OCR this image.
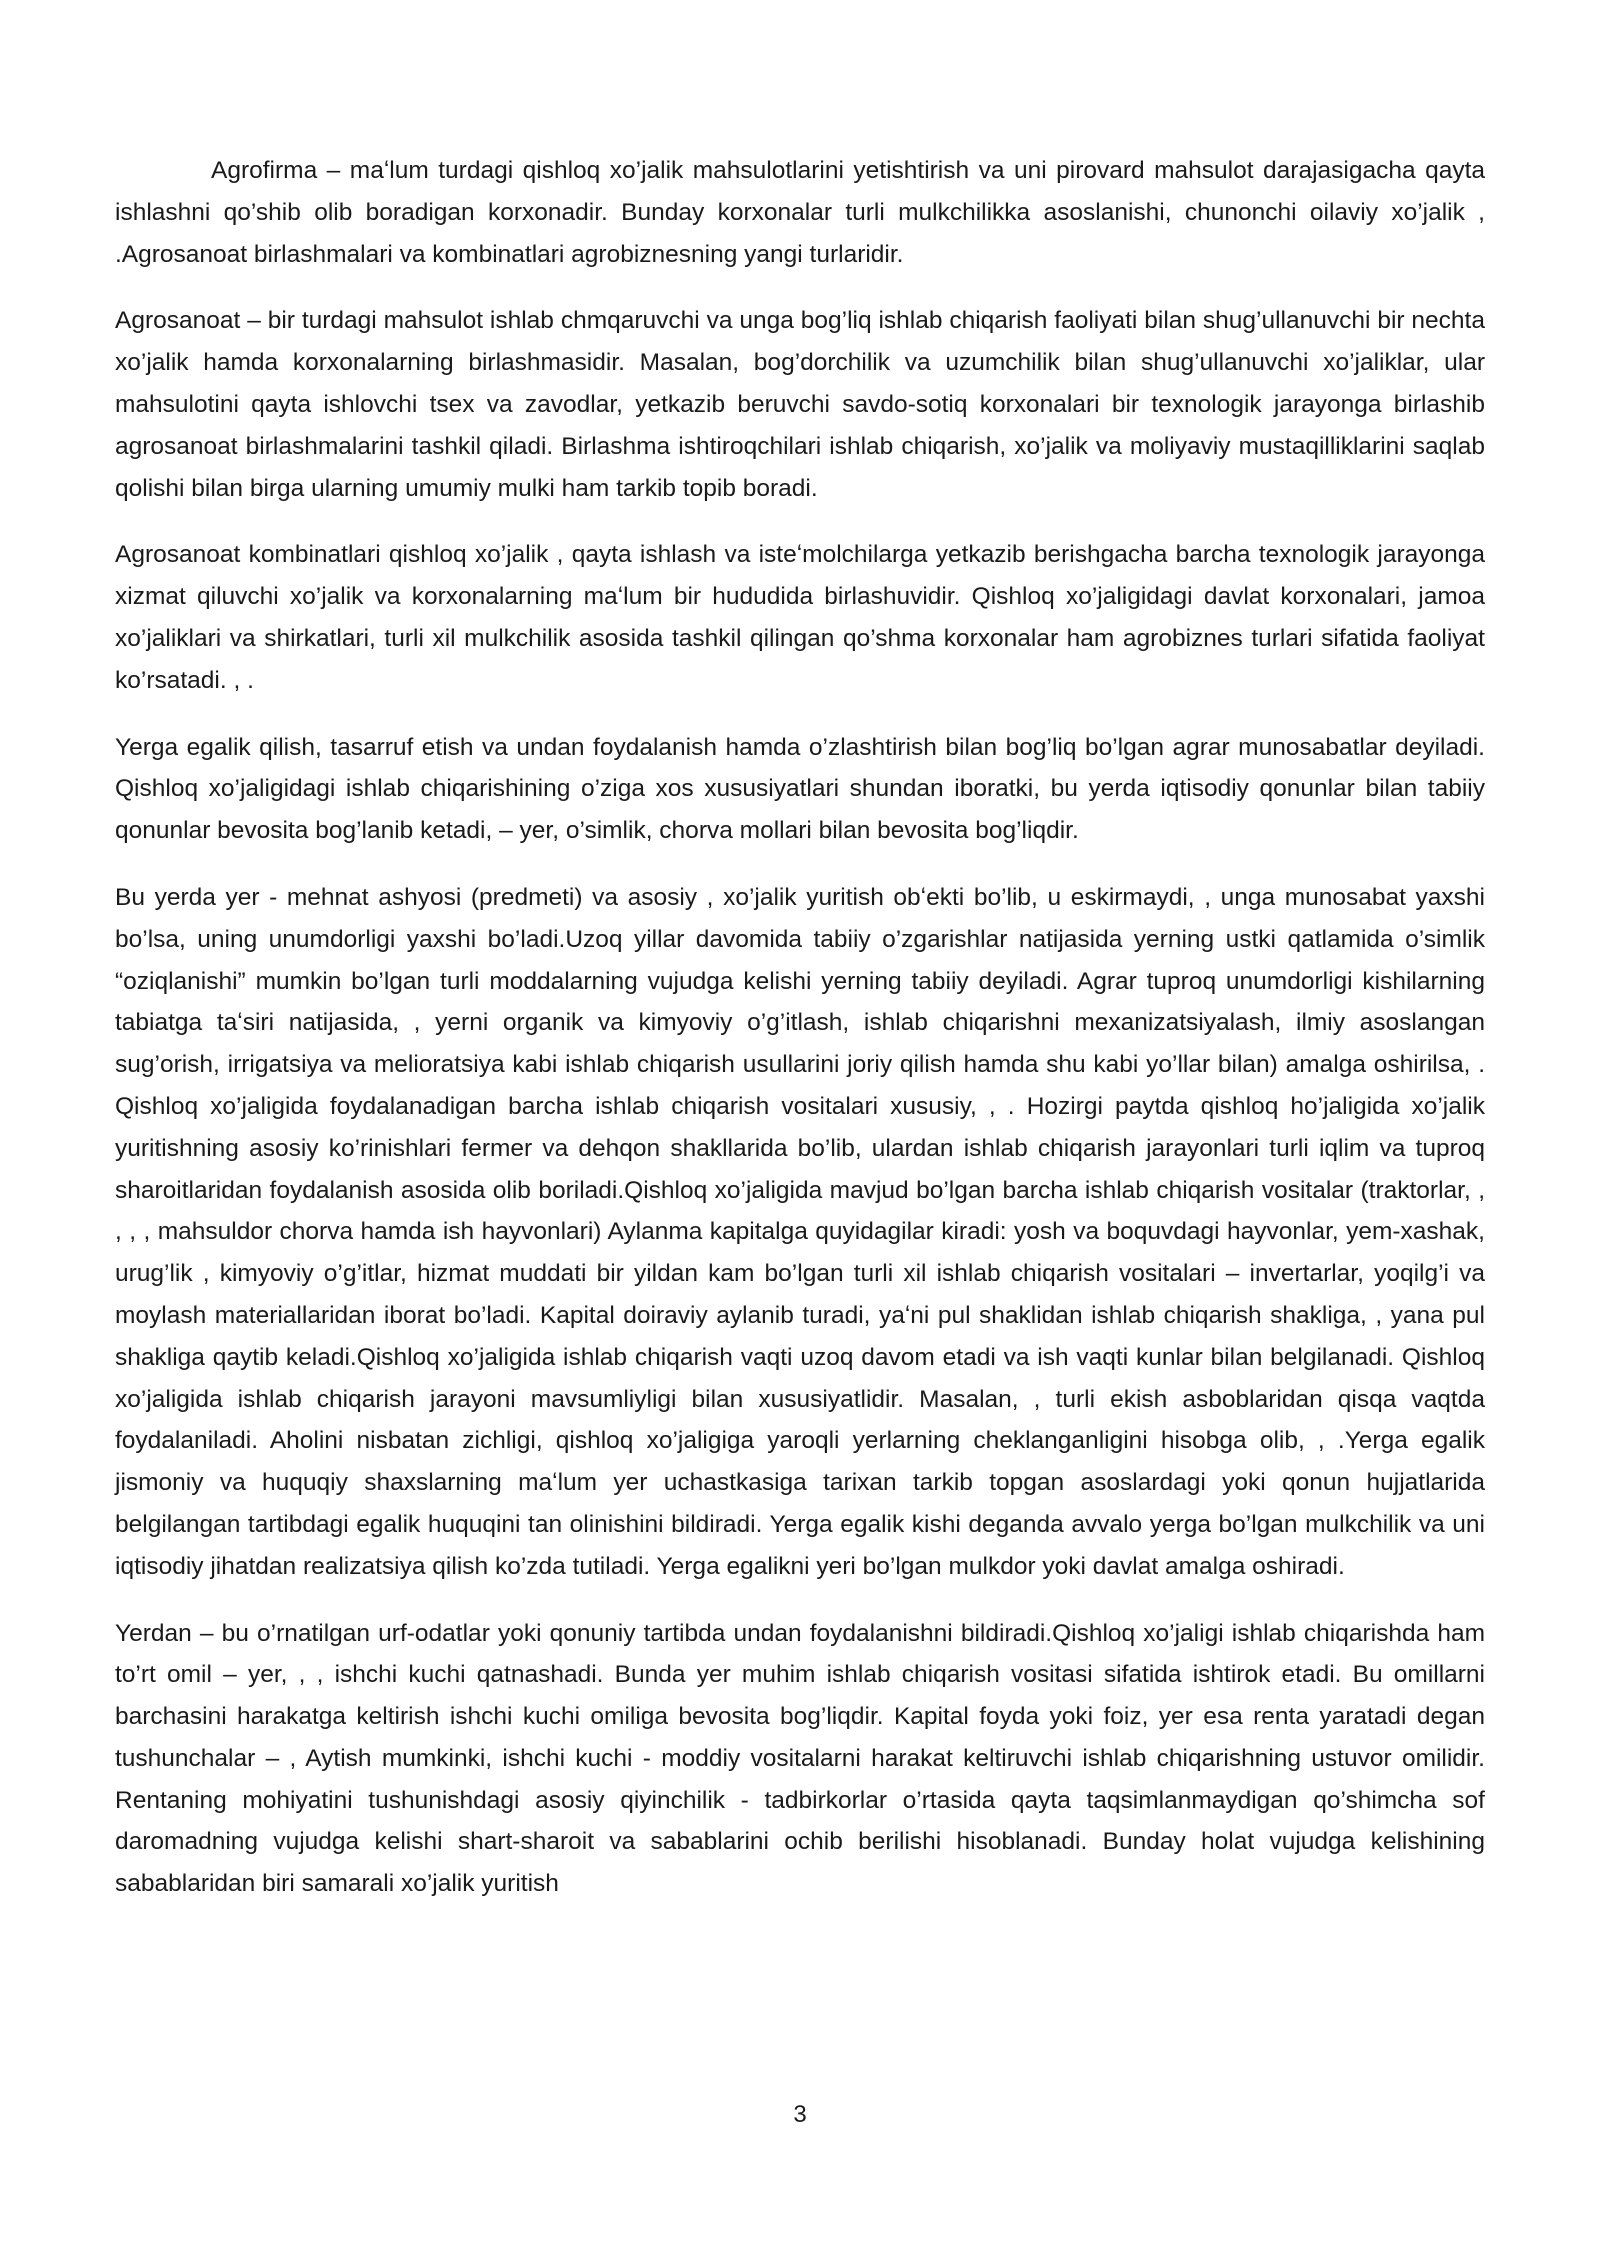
Agrofirma – maʻlum turdagi qishloq xo’jalik mahsulotlarini yetishtirish va uni pirovard mahsulot darajasigacha qayta ishlashni qo’shib olib boradigan korxonadir. Bunday korxonalar turli mulkchilikka asoslanishi, chunonchi oilaviy xo’jalik , .Agrosanoat birlashmalari va kombinatlari agrobiznesning yangi turlaridir.

Agrosanoat – bir turdagi mahsulot ishlab chmqaruvchi va unga bog’liq ishlab chiqarish faoliyati bilan shug’ullanuvchi bir nechta xo’jalik hamda korxonalarning birlashmasidir. Masalan, bog’dorchilik va uzumchilik bilan shug’ullanuvchi xo’jaliklar, ular mahsulotini qayta ishlovchi tsex va zavodlar, yetkazib beruvchi savdo-sotiq korxonalari bir texnologik jarayonga birlashib agrosanoat birlashmalarini tashkil qiladi. Birlashma ishtiroqchilari ishlab chiqarish, xo’jalik va moliyaviy mustaqilliklarini saqlab qolishi bilan birga ularning umumiy mulki ham tarkib topib boradi.

Agrosanoat kombinatlari qishloq xo’jalik , qayta ishlash va isteʻmolchilarga yetkazib berishgacha barcha texnologik jarayonga xizmat qiluvchi xo’jalik va korxonalarning maʻlum bir hududida birlashuvidir. Qishloq xo’jaligidagi davlat korxonalari, jamoa xo’jaliklari va shirkatlari, turli xil mulkchilik asosida tashkil qilingan qo’shma korxonalar ham agrobiznes turlari sifatida faoliyat ko’rsatadi. , .

Yerga egalik qilish, tasarruf etish va undan foydalanish hamda o’zlashtirish bilan bog’liq bo’lgan agrar munosabatlar deyiladi. Qishloq xo’jaligidagi ishlab chiqarishining o’ziga xos xususiyatlari shundan iboratki, bu yerda iqtisodiy qonunlar bilan tabiiy qonunlar bevosita bog’lanib ketadi, – yer, o’simlik, chorva mollari bilan bevosita bog’liqdir.

Bu yerda yer - mehnat ashyosi (predmeti) va asosiy , xo’jalik yuritish obʻekti bo’lib, u eskirmaydi, , unga munosabat yaxshi bo’lsa, uning unumdorligi yaxshi bo’ladi.Uzoq yillar davomida tabiiy o’zgarishlar natijasida yerning ustki qatlamida o’simlik “oziqlanishi” mumkin bo’lgan turli moddalarning vujudga kelishi yerning tabiiy deyiladi. Agrar tuproq unumdorligi kishilarning tabiatga taʻsiri natijasida, , yerni organik va kimyoviy o’g’itlash, ishlab chiqarishni mexanizatsiyalash, ilmiy asoslangan sug’orish, irrigatsiya va melioratsiya kabi ishlab chiqarish usullarini joriy qilish hamda shu kabi yo’llar bilan) amalga oshirilsa, . Qishloq xo’jaligida foydalanadigan barcha ishlab chiqarish vositalari xususiy, , . Hozirgi paytda qishloq ho’jaligida xo’jalik yuritishning asosiy ko’rinishlari fermer va dehqon shakllarida bo’lib, ulardan ishlab chiqarish jarayonlari turli iqlim va tuproq sharoitlaridan foydalanish asosida olib boriladi.Qishloq xo’jaligida mavjud bo’lgan barcha ishlab chiqarish vositalar (traktorlar, , , , , mahsuldor chorva hamda ish hayvonlari) Aylanma kapitalga quyidagilar kiradi: yosh va boquvdagi hayvonlar, yem-xashak, urug’lik , kimyoviy o’g’itlar, hizmat muddati bir yildan kam bo’lgan turli xil ishlab chiqarish vositalari – invertarlar, yoqilg’i va moylash materiallaridan iborat bo’ladi. Kapital doiraviy aylanib turadi, yaʻni pul shaklidan ishlab chiqarish shakliga, , yana pul shakliga qaytib keladi.Qishloq xo’jaligida ishlab chiqarish vaqti uzoq davom etadi va ish vaqti kunlar bilan belgilanadi. Qishloq xo’jaligida ishlab chiqarish jarayoni mavsumliyligi bilan xususiyatlidir. Masalan, , turli ekish asboblaridan qisqa vaqtda foydalaniladi. Aholini nisbatan zichligi, qishloq xo’jaligiga yaroqli yerlarning cheklanganligini hisobga olib, , .Yerga egalik jismoniy va huquqiy shaxslarning maʻlum yer uchastkasiga tarixan tarkib topgan asoslardagi yoki qonun hujjatlarida belgilangan tartibdagi egalik huquqini tan olinishini bildiradi. Yerga egalik kishi deganda avvalo yerga bo’lgan mulkchilik va uni iqtisodiy jihatdan realizatsiya qilish ko’zda tutiladi. Yerga egalikni yeri bo’lgan mulkdor yoki davlat amalga oshiradi.

Yerdan – bu o’rnatilgan urf-odatlar yoki qonuniy tartibda undan foydalanishni bildiradi.Qishloq xo’jaligi ishlab chiqarishda ham to’rt omil – yer, , , ishchi kuchi qatnashadi. Bunda yer muhim ishlab chiqarish vositasi sifatida ishtirok etadi. Bu omillarni barchasini harakatga keltirish ishchi kuchi omiliga bevosita bog’liqdir. Kapital foyda yoki foiz, yer esa renta yaratadi degan tushunchalar – , Aytish mumkinki, ishchi kuchi - moddiy vositalarni harakat keltiruvchi ishlab chiqarishning ustuvor omilidir. Rentaning mohiyatini tushunishdagi asosiy qiyinchilik - tadbirkorlar o’rtasida qayta taqsimlanmaydigan qo’shimcha sof daromadning vujudga kelishi shart-sharoit va sabablarini ochib berilishi hisoblanadi. Bunday holat vujudga kelishining sabablaridan biri samarali xo’jalik yuritish

3
